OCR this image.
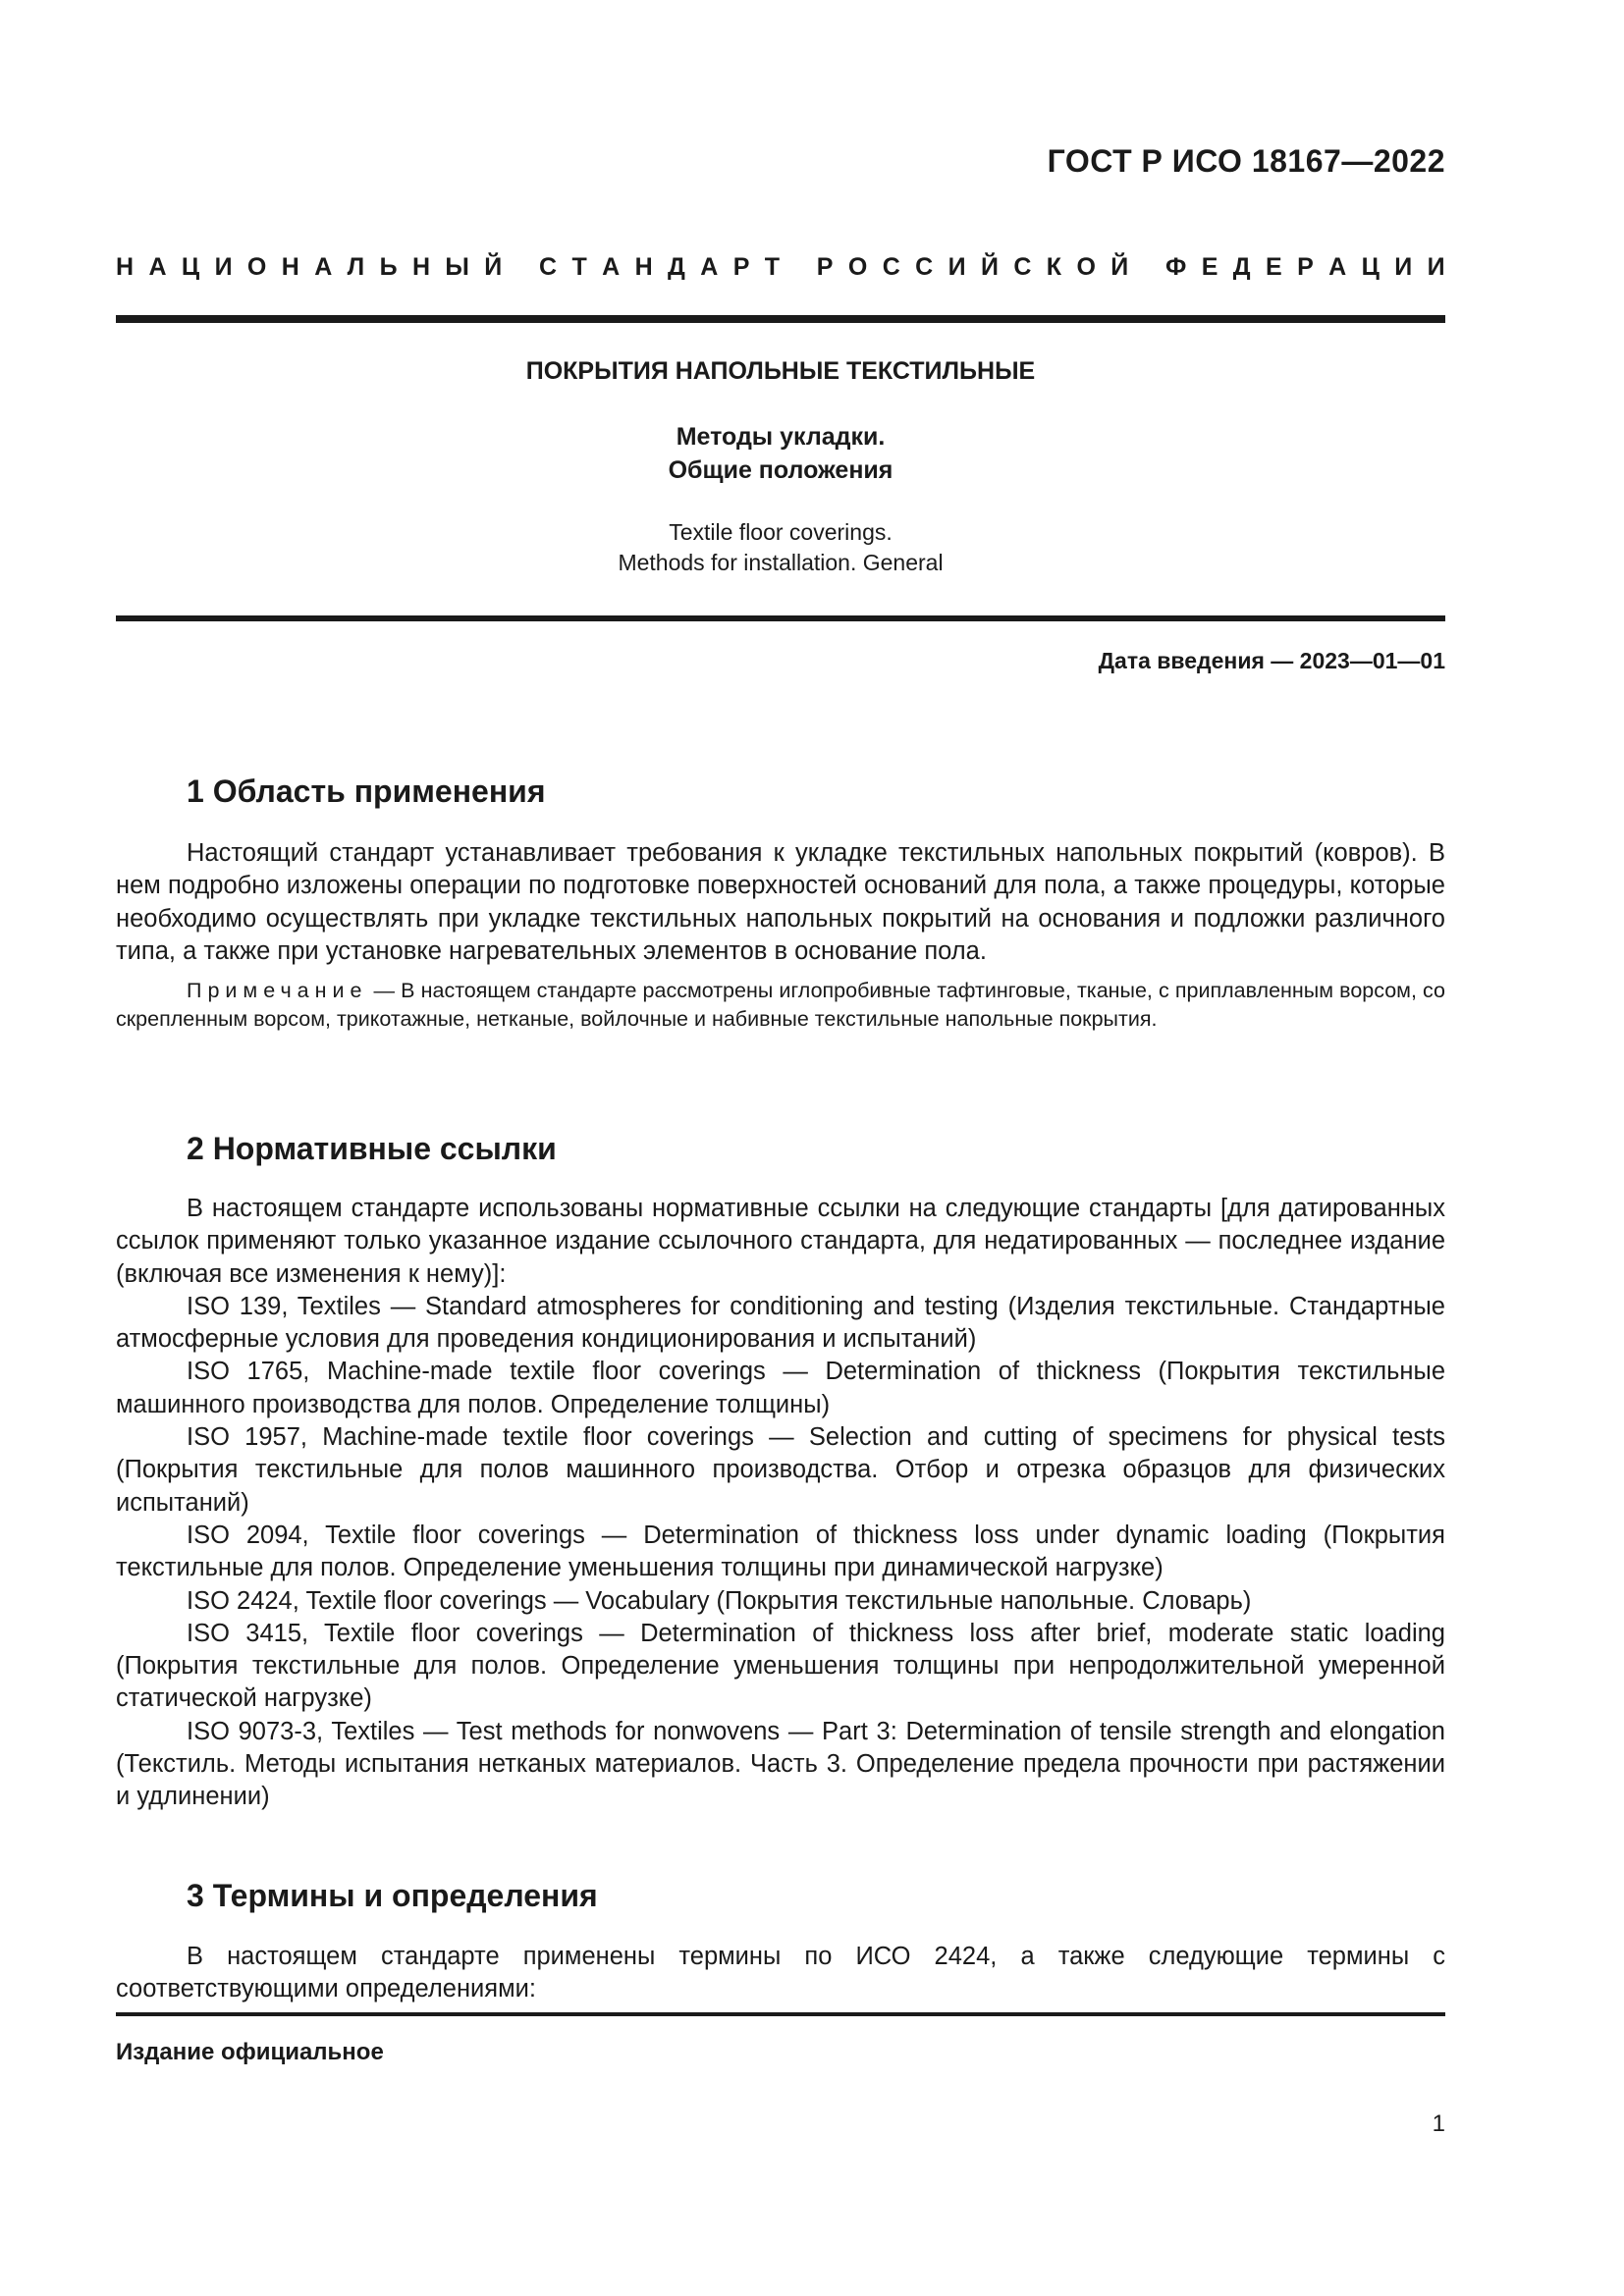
ГОСТ Р ИСО 18167—2022
Н А Ц И О Н А Л Ь Н Ы Й
С Т А Н Д А Р Т
Р О С С И Й С К О Й
Ф Е Д Е Р А Ц И И
ПОКРЫТИЯ НАПОЛЬНЫЕ ТЕКСТИЛЬНЫЕ
Методы укладки.
Общие положения
Textile floor coverings.
Methods for installation. General
Дата введения — 2023—01—01
1 Область применения

Настоящий стандарт устанавливает требования к укладке текстильных напольных покрытий (ковров). В нем подробно изложены операции по подготовке поверхностей оснований для пола, а также процедуры, которые необходимо осуществлять при укладке текстильных напольных покрытий на основания и подложки различного типа, а также при установке нагревательных элементов в основание пола.

Примечание — В настоящем стандарте рассмотрены иглопробивные тафтинговые, тканые, с приплавленным ворсом, со скрепленным ворсом, трикотажные, нетканые, войлочные и набивные текстильные напольные покрытия.
2 Нормативные ссылки

В настоящем стандарте использованы нормативные ссылки на следующие стандарты [для датированных ссылок применяют только указанное издание ссылочного стандарта, для недатированных — последнее издание (включая все изменения к нему)]:

ISO 139, Textiles — Standard atmospheres for conditioning and testing (Изделия текстильные. Стандартные атмосферные условия для проведения кондиционирования и испытаний)

ISO 1765, Machine-made textile floor coverings — Determination of thickness (Покрытия текстильные машинного производства для полов. Определение толщины)

ISO 1957, Machine-made textile floor coverings — Selection and cutting of specimens for physical tests (Покрытия текстильные для полов машинного производства. Отбор и отрезка образцов для физических испытаний)

ISO 2094, Textile floor coverings — Determination of thickness loss under dynamic loading (Покрытия текстильные для полов. Определение уменьшения толщины при динамической нагрузке)

ISO 2424, Textile floor coverings — Vocabulary (Покрытия текстильные напольные. Словарь)

ISO 3415, Textile floor coverings — Determination of thickness loss after brief, moderate static loading (Покрытия текстильные для полов. Определение уменьшения толщины при непродолжительной умеренной статической нагрузке)

ISO 9073-3, Textiles — Test methods for nonwovens — Part 3: Determination of tensile strength and elongation (Текстиль. Методы испытания нетканых материалов. Часть 3. Определение предела прочности при растяжении и удлинении)

3 Термины и определения

В настоящем стандарте применены термины по ИСО 2424, а также следующие термины с соответствующими определениями:

Издание официальное
1
